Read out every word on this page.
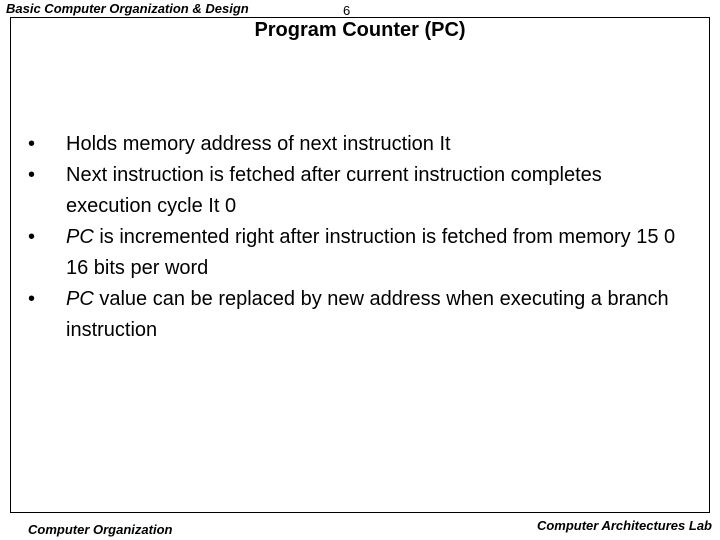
Basic Computer Organization & Design	6
Program Counter (PC)
• Holds memory address of next instruction It
• Next instruction is fetched after current instruction completes execution cycle It 0
• PC is incremented right after instruction is fetched from memory 15 0 16 bits per word
• PC value can be replaced by new address when executing a branch instruction
Computer Organization	Computer Architectures Lab
